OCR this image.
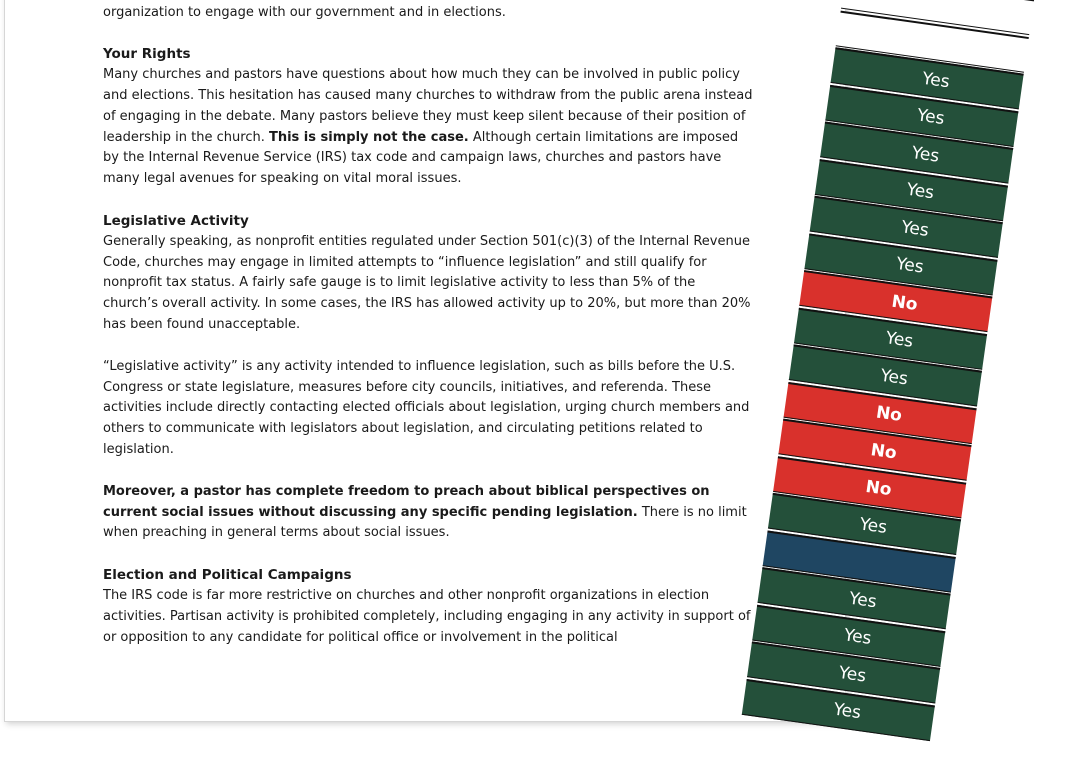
organization to engage with our government and in elections.

Your Rights

Many churches and pastors have questions about how much they can be involved in public policy and elections. This hesitation has caused many churches to withdraw from the public arena instead of engaging in the debate. Many pastors believe they must keep silent because of their position of leadership in the church. This is simply not the case. Although certain limitations are imposed by the Internal Revenue Service (IRS) tax code and campaign laws, churches and pastors have many legal avenues for speaking on vital moral issues.

Legislative Activity

Generally speaking, as nonprofit entities regulated under Section 501(c)(3) of the Internal Revenue Code, churches may engage in limited attempts to “influence legislation” and still qualify for nonprofit tax status. A fairly safe gauge is to limit legislative activity to less than 5% of the church’s overall activity. In some cases, the IRS has allowed activity up to 20%, but more than 20% has been found unacceptable.

“Legislative activity” is any activity intended to influence legislation, such as bills before the U.S. Congress or state legislature, measures before city councils, initiatives, and referenda. These activities include directly contacting elected officials about legislation, urging church members and others to communicate with legislators about legislation, and circulating petitions related to legislation.

Moreover, a pastor has complete freedom to preach about biblical perspectives on current social issues without discussing any specific pending legislation. There is no limit when preaching in general terms about social issues.

Election and Political Campaigns

The IRS code is far more restrictive on churches and other nonprofit organizations in election activities. Partisan activity is prohibited completely, including engaging in any activity in support of or opposition to any candidate for political office or involvement in the political

Yes
Yes
Yes
Yes
Yes
Yes
No
Yes
Yes
No
No
No
Yes
Yes
Yes
Yes
Yes
